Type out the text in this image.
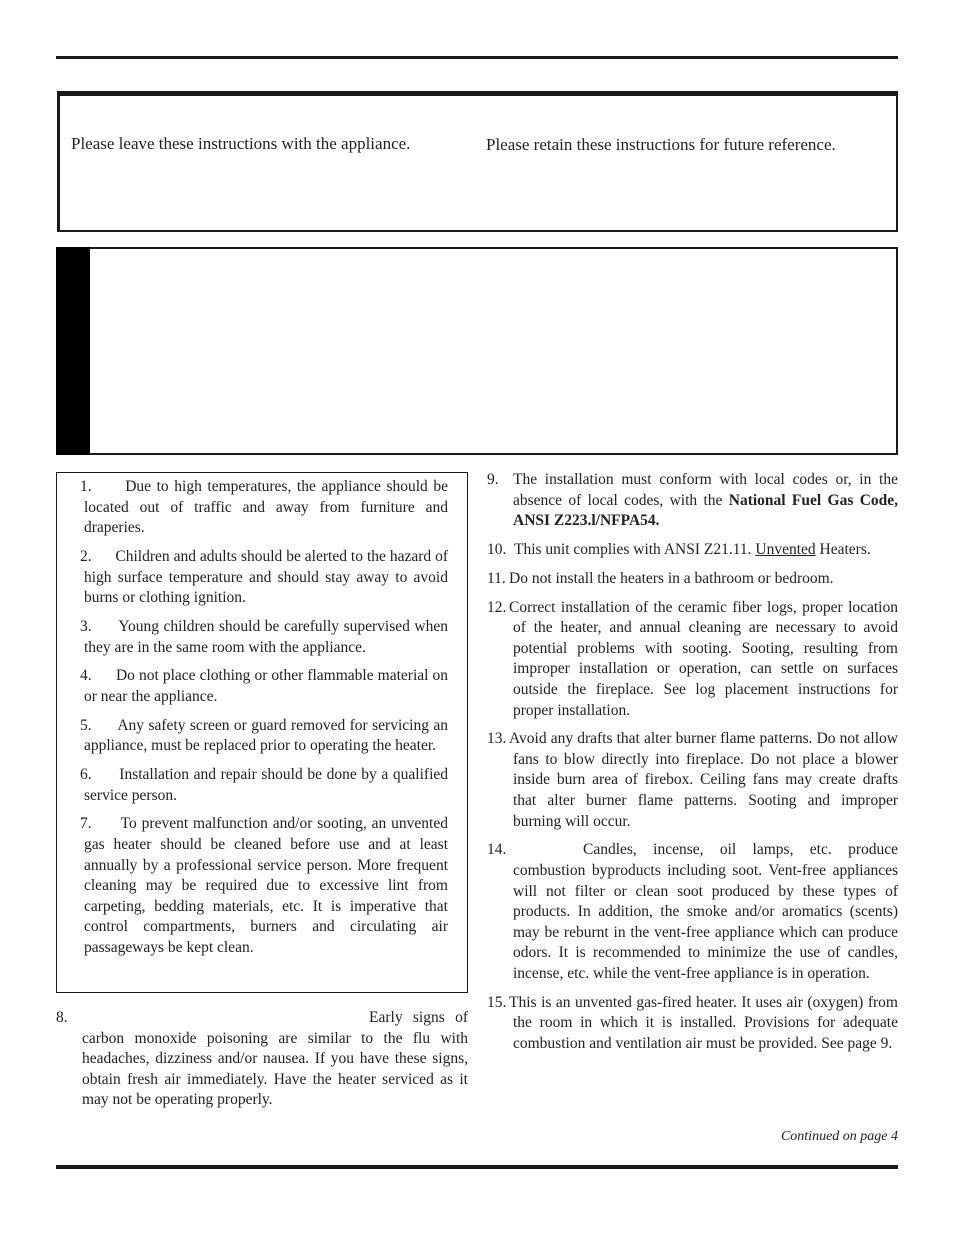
Please leave these instructions with the appliance.	Please retain these instructions for future reference.

1. Due to high temperatures, the appliance should be located out of traffic and away from furniture and draperies.

2. Children and adults should be alerted to the hazard of high surface temperature and should stay away to avoid burns or clothing ignition.

3. Young children should be carefully supervised when they are in the same room with the appliance.

4. Do not place clothing or other flammable material on or near the appliance.

5. Any safety screen or guard removed for servicing an appliance, must be replaced prior to operating the heater.

6. Installation and repair should be done by a qualified service person.

7. To prevent malfunction and/or sooting, an unvented gas heater should be cleaned before use and at least annually by a professional service person. More frequent cleaning may be required due to excessive lint from carpeting, bedding materials, etc. It is imperative that control compartments, burners and circulating air passageways be kept clean.

8.	Early signs of carbon monoxide poisoning are similar to the flu with headaches, dizziness and/or nausea. If you have these signs, obtain fresh air immediately. Have the heater serviced as it may not be operating properly.

9. The installation must conform with local codes or, in the absence of local codes, with the National Fuel Gas Code, ANSI Z223.l/NFPA54.

10. This unit complies with ANSI Z21.11. Unvented Heaters.

11. Do not install the heaters in a bathroom or bedroom.

12. Correct installation of the ceramic fiber logs, proper location of the heater, and annual cleaning are necessary to avoid potential problems with sooting. Sooting, resulting from improper installation or operation, can settle on surfaces outside the fireplace. See log placement instructions for proper installation.

13. Avoid any drafts that alter burner flame patterns. Do not allow fans to blow directly into fireplace. Do not place a blower inside burn area of firebox. Ceiling fans may create drafts that alter burner flame patterns. Sooting and improper burning will occur.

14.	Candles, incense, oil lamps, etc. produce combustion byproducts including soot. Vent-free appliances will not filter or clean soot produced by these types of products. In addition, the smoke and/or aromatics (scents) may be reburnt in the vent-free appliance which can produce odors. It is recommended to minimize the use of candles, incense, etc. while the vent-free appliance is in operation.

15. This is an unvented gas-fired heater. It uses air (oxygen) from the room in which it is installed. Provisions for adequate combustion and ventilation air must be provided. See page 9.

Continued on page 4
